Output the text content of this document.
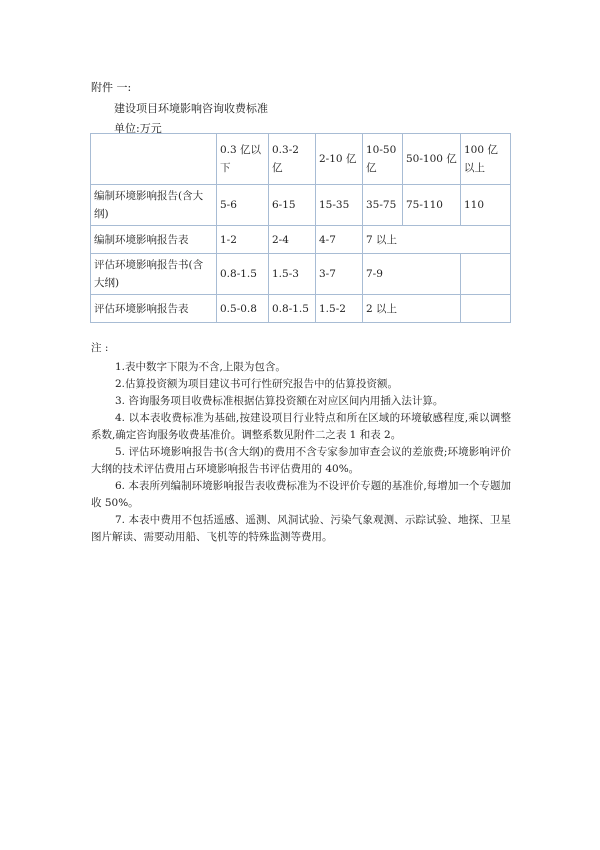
附件 一:
建设项目环境影响咨询收费标准
单位:万元
	0.3 亿以下	0.3-2 亿	2-10 亿	10-50 亿	50-100 亿	100 亿以上
编制环境影响报告(含大纲)	5-6	6-15	15-35	35-75	75-110	110
编制环境影响报告表	1-2	2-4	4-7	7 以上		
评估环境影响报告书(含大纲)	0.8-1.5	1.5-3	3-7	7-9		
评估环境影响报告表	0.5-0.8	0.8-1.5	1.5-2	2 以上		
注 :

1.表中数字下限为不含,上限为包含。

2.估算投资额为项目建议书可行性研究报告中的估算投资额。

3. 咨询服务项目收费标准根据估算投资额在对应区间内用插入法计算。

4. 以本表收费标准为基础,按建设项目行业特点和所在区域的环境敏感程度,乘以调整系数,确定咨询服务收费基准价。调整系数见附件二之表 1 和表 2。

5. 评估环境影响报告书(含大纲)的费用不含专家参加审查会议的差旅费;环境影响评价大纲的技术评估费用占环境影响报告书评估费用的 40%。

6. 本表所列编制环境影响报告表收费标准为不设评价专题的基准价,每增加一个专题加收 50%。

7. 本表中费用不包括遥感、遥测、风洞试验、污染气象观测、示踪试验、地探、卫星图片解读、需要动用船、飞机等的特殊监测等费用。
